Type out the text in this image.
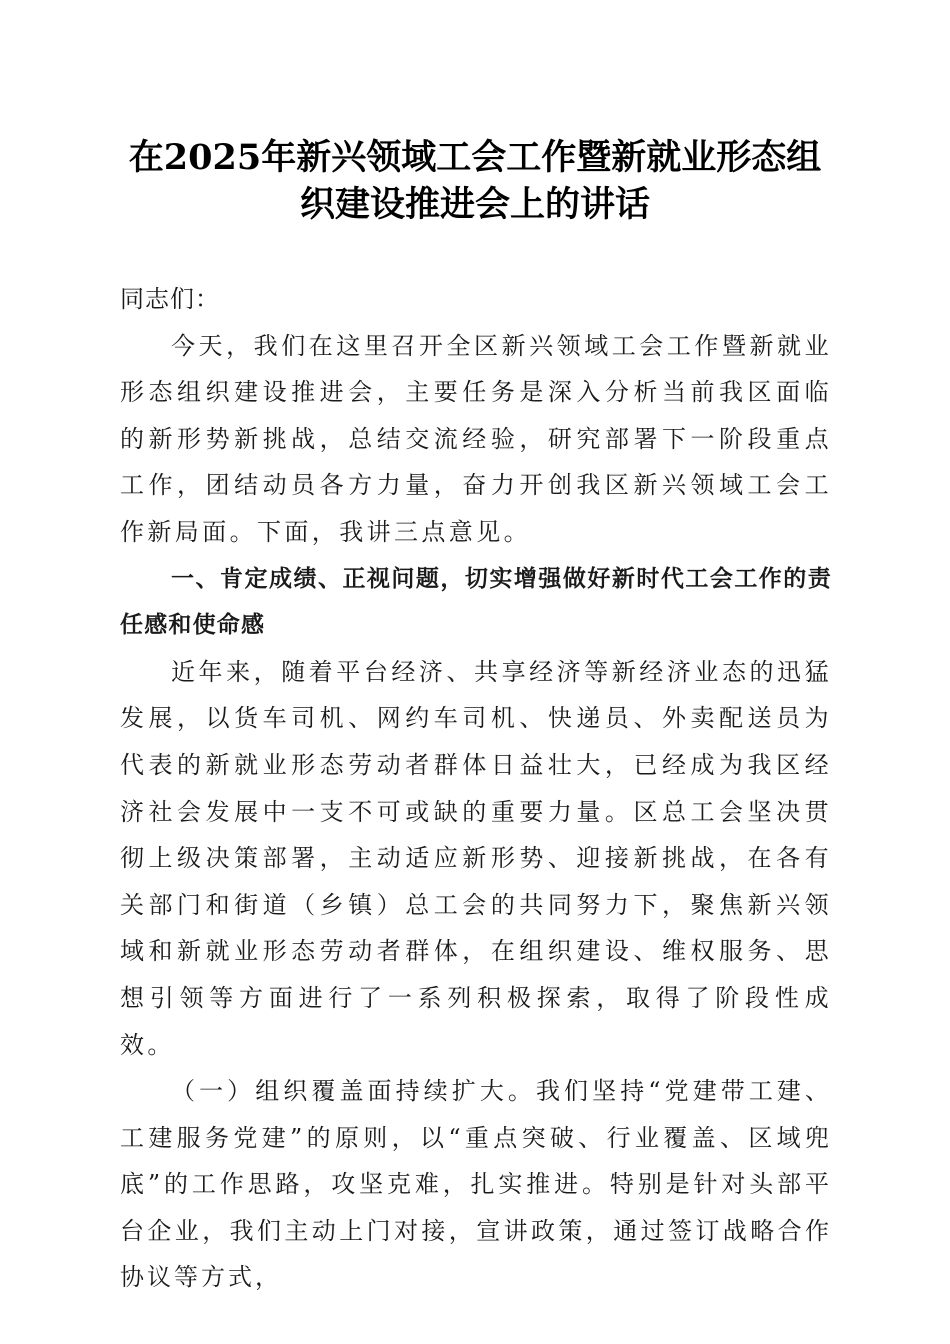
在2025年新兴领域工会工作暨新就业形态组
织建设推进会上的讲话

同志们：

今天，我们在这里召开全区新兴领域工会工作暨新就业形态组织建设推进会，主要任务是深入分析当前我区面临的新形势新挑战，总结交流经验，研究部署下一阶段重点工作，团结动员各方力量，奋力开创我区新兴领域工会工作新局面。下面，我讲三点意见。

一、肯定成绩、正视问题，切实增强做好新时代工会工作的责任感和使命感

近年来，随着平台经济、共享经济等新经济业态的迅猛发展，以货车司机、网约车司机、快递员、外卖配送员为代表的新就业形态劳动者群体日益壮大，已经成为我区经济社会发展中一支不可或缺的重要力量。区总工会坚决贯彻上级决策部署，主动适应新形势、迎接新挑战，在各有关部门和街道（乡镇）总工会的共同努力下，聚焦新兴领域和新就业形态劳动者群体，在组织建设、维权服务、思想引领等方面进行了一系列积极探索，取得了阶段性成效。

（一）组织覆盖面持续扩大。我们坚持“党建带工建、工建服务党建”的原则，以“重点突破、行业覆盖、区域兜底”的工作思路，攻坚克难，扎实推进。特别是针对头部平台企业，我们主动上门对接，宣讲政策，通过签订战略合作协议等方式，
